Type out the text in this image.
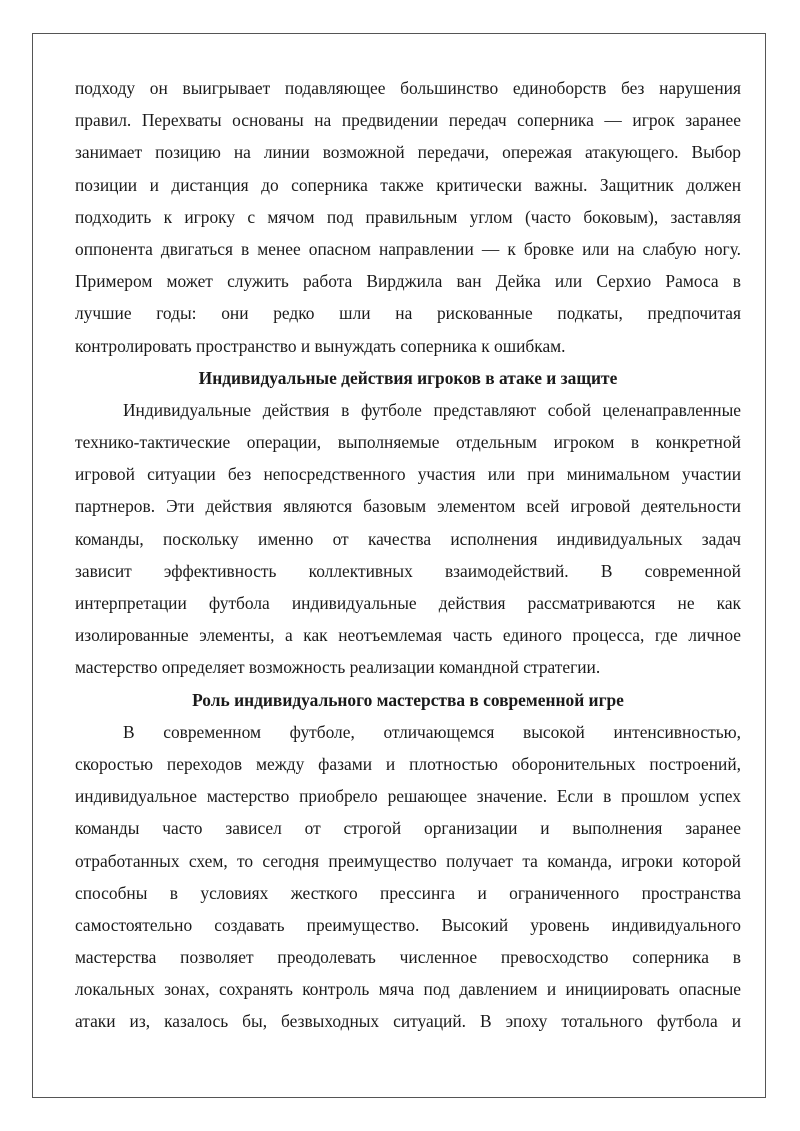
подходу он выигрывает подавляющее большинство единоборств без нарушения
правил. Перехваты основаны на предвидении передач соперника — игрок заранее
занимает позицию на линии возможной передачи, опережая атакующего. Выбор
позиции и дистанция до соперника также критически важны. Защитник должен
подходить к игроку с мячом под правильным углом (часто боковым), заставляя
оппонента двигаться в менее опасном направлении — к бровке или на слабую ногу.
Примером может служить работа Вирджила ван Дейка или Серхио Рамоса в
лучшие годы: они редко шли на рискованные подкаты, предпочитая
контролировать пространство и вынуждать соперника к ошибкам.
Индивидуальные действия игроков в атаке и защите
Индивидуальные действия в футболе представляют собой целенаправленные
технико-тактические операции, выполняемые отдельным игроком в конкретной
игровой ситуации без непосредственного участия или при минимальном участии
партнеров. Эти действия являются базовым элементом всей игровой деятельности
команды, поскольку именно от качества исполнения индивидуальных задач
зависит эффективность коллективных взаимодействий. В современной
интерпретации футбола индивидуальные действия рассматриваются не как
изолированные элементы, а как неотъемлемая часть единого процесса, где личное
мастерство определяет возможность реализации командной стратегии.
Роль индивидуального мастерства в современной игре
В современном футболе, отличающемся высокой интенсивностью,
скоростью переходов между фазами и плотностью оборонительных построений,
индивидуальное мастерство приобрело решающее значение. Если в прошлом успех
команды часто зависел от строгой организации и выполнения заранее
отработанных схем, то сегодня преимущество получает та команда, игроки которой
способны в условиях жесткого прессинга и ограниченного пространства
самостоятельно создавать преимущество. Высокий уровень индивидуального
мастерства позволяет преодолевать численное превосходство соперника в
локальных зонах, сохранять контроль мяча под давлением и инициировать опасные
атаки из, казалось бы, безвыходных ситуаций. В эпоху тотального футбола и
